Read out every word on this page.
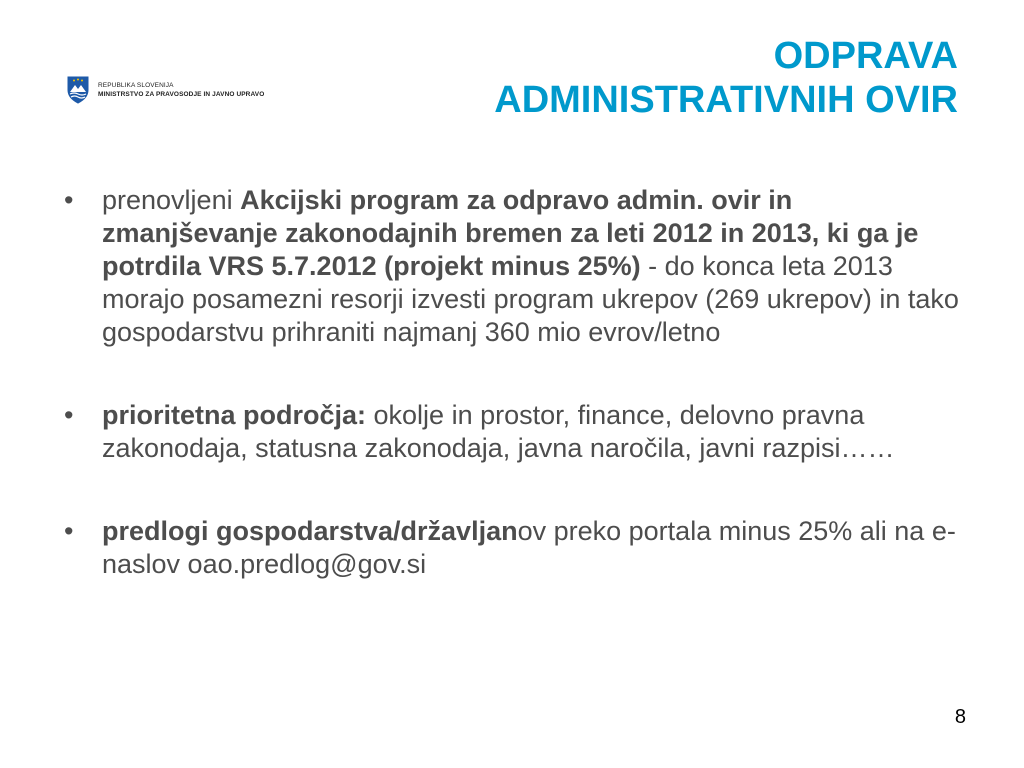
REPUBLIKA SLOVENIJA
MINISTRSTVO ZA PRAVOSODJE IN JAVNO UPRAVO
ODPRAVA
ADMINISTRATIVNIH OVIR
•	prenovljeni Akcijski program za odpravo admin. ovir in zmanjševanje zakonodajnih bremen za leti 2012 in 2013, ki ga je potrdila VRS 5.7.2012 (projekt minus 25%) - do konca leta 2013 morajo posamezni resorji izvesti program ukrepov (269 ukrepov) in tako gospodarstvu prihraniti najmanj 360 mio evrov/letno
•	prioritetna področja: okolje in prostor, finance, delovno pravna zakonodaja, statusna zakonodaja, javna naročila, javni razpisi……
•	predlogi gospodarstva/državljanov preko portala minus 25% ali na e-naslov oao.predlog@gov.si
8
